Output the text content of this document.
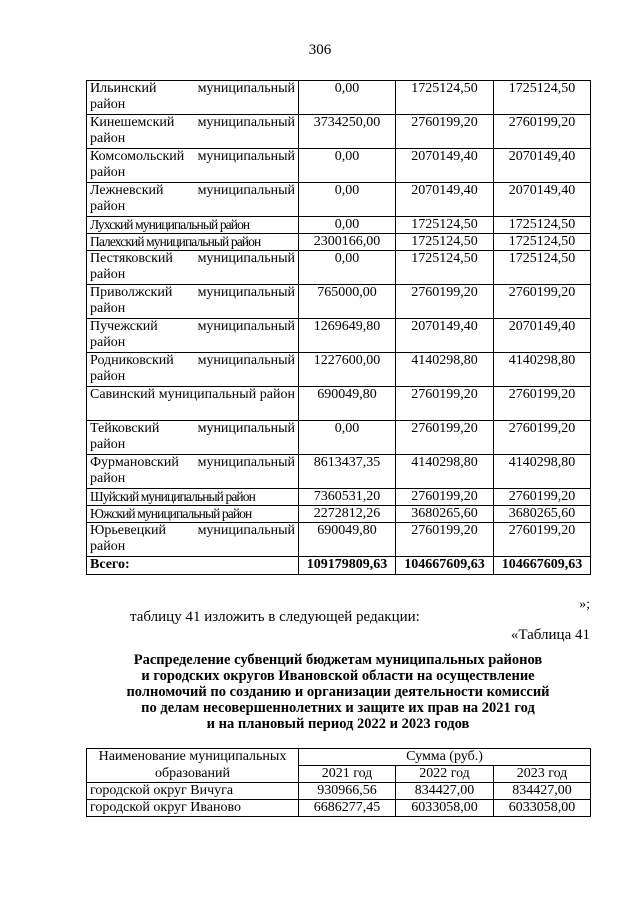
306
Ильинский муниципальный район	0,00	1725124,50	1725124,50
Кинешемский муниципальный район	3734250,00	2760199,20	2760199,20
Комсомольский муниципальный район	0,00	2070149,40	2070149,40
Лежневский муниципальный район	0,00	2070149,40	2070149,40
Лухский муниципальный район	0,00	1725124,50	1725124,50
Палехский муниципальный район	2300166,00	1725124,50	1725124,50
Пестяковский муниципальный район	0,00	1725124,50	1725124,50
Приволжский муниципальный район	765000,00	2760199,20	2760199,20
Пучежский муниципальный район	1269649,80	2070149,40	2070149,40
Родниковский муниципальный район	1227600,00	4140298,80	4140298,80
Савинский муниципальный район	690049,80	2760199,20	2760199,20
Тейковский муниципальный район	0,00	2760199,20	2760199,20
Фурмановский муниципальный район	8613437,35	4140298,80	4140298,80
Шуйский муниципальный район	7360531,20	2760199,20	2760199,20
Южский муниципальный район	2272812,26	3680265,60	3680265,60
Юрьевецкий муниципальный район	690049,80	2760199,20	2760199,20
Всего:	109179809,63	104667609,63	104667609,63
»;
таблицу 41 изложить в следующей редакции:
«Таблица 41
Распределение субвенций бюджетам муниципальных районов
и городских округов Ивановской области на осуществление
полномочий по созданию и организации деятельности комиссий
по делам несовершеннолетних и защите их прав на 2021 год
и на плановый период 2022 и 2023 годов
Наименование муниципальных	Сумма (руб.)		
образований	2021 год	2022 год	2023 год
городской округ Вичуга	930966,56	834427,00	834427,00
городской округ Иваново	6686277,45	6033058,00	6033058,00
